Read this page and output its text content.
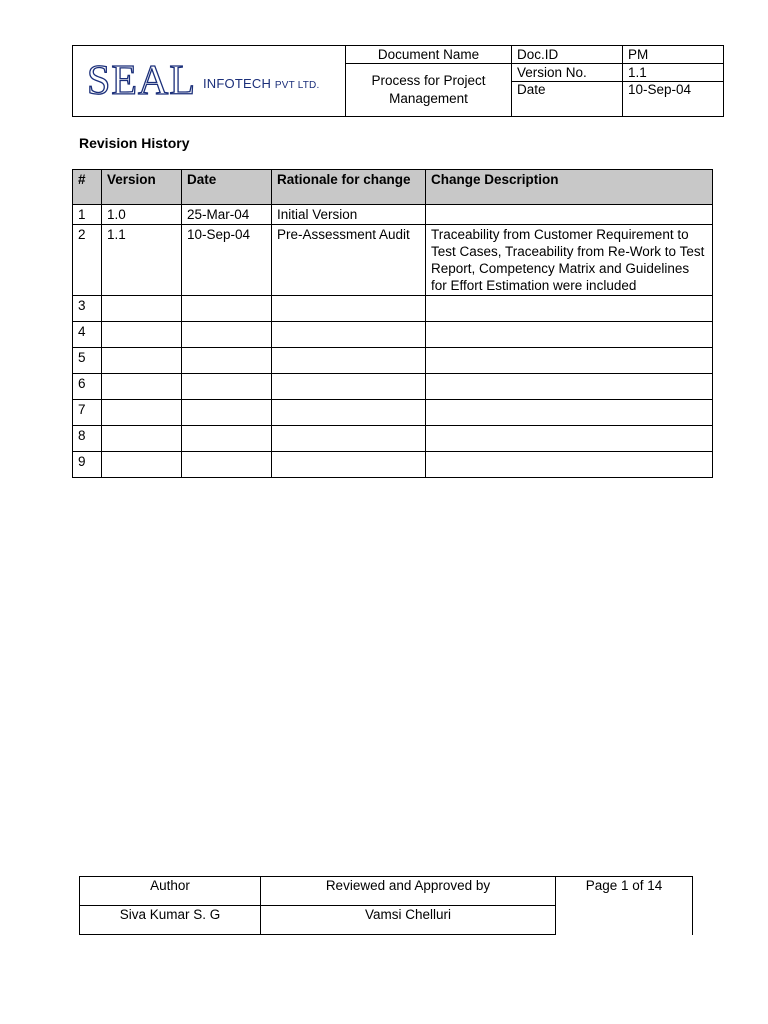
SEAL INFOTECH PVT LTD.	Document Name	Doc.ID	PM
	Process for Project Management	Version No.	1.1
		Date	10-Sep-04
Revision History
#	Version	Date	Rationale for change	Change Description
1	1.0	25-Mar-04	Initial Version	
2	1.1	10-Sep-04	Pre-Assessment Audit	Traceability from Customer Requirement to Test Cases, Traceability from Re-Work to Test Report, Competency Matrix and Guidelines for Effort Estimation were included
3				
4				
5				
6				
7				
8				
9				
Author	Reviewed and Approved by	Page 1 of 14
Siva Kumar S. G	Vamsi Chelluri	
